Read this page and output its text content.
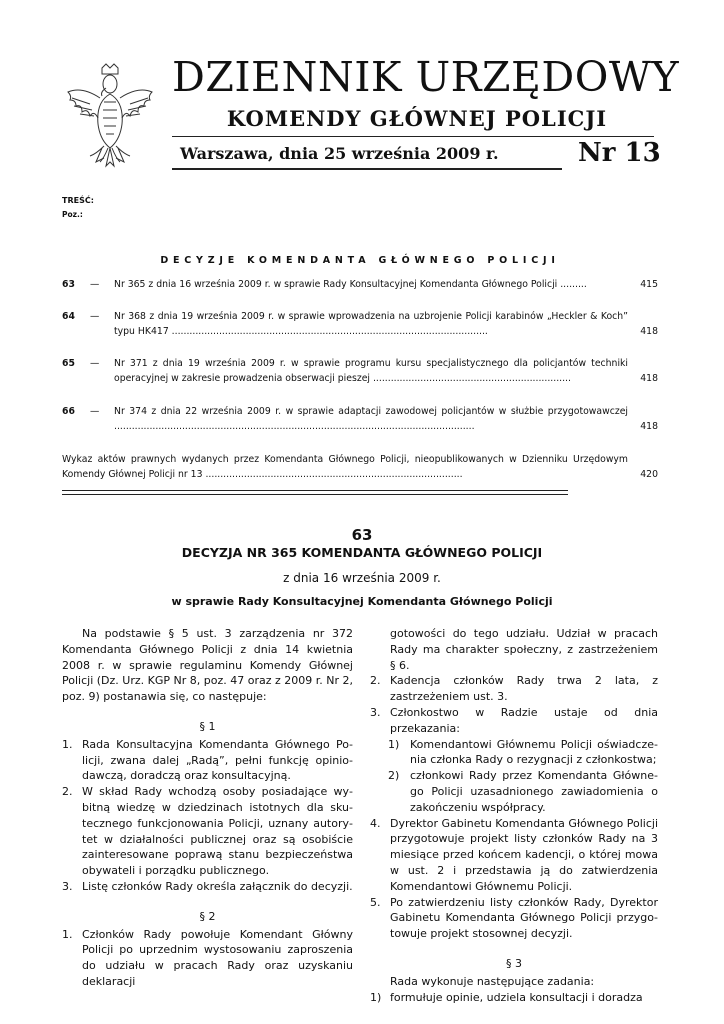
DZIENNIK URZĘDOWY
KOMENDY GŁÓWNEJ POLICJI
Warszawa, dnia 25 września 2009 r.	Nr 13
TREŚĆ:
Poz.:
DECYZJE KOMENDANTA GŁÓWNEGO POLICJI
63 — Nr 365 z dnia 16 września 2009 r. w sprawie Rady Konsultacyjnej Komendanta Głównego Policji .........	415
64 — Nr 368 z dnia 19 września 2009 r. w sprawie wprowadzenia na uzbrojenie Policji karabinów „Heckler & Koch” typu HK417 ...........................................................................................................	418
65 — Nr 371 z dnia 19 września 2009 r. w sprawie programu kursu specjalistycznego dla policjantów techniki operacyjnej w zakresie prowadzenia obserwacji pieszej ...................................................................	418
66 — Nr 374 z dnia 22 września 2009 r. w sprawie adaptacji zawodowej policjantów w służbie przygotowawczej ..........................................................................................................................	418
Wykaz aktów prawnych wydanych przez Komendanta Głównego Policji, nieopublikowanych w Dzienniku Urzędowym Komendy Głównej Policji nr 13 .......................................................................................	420
63
DECYZJA NR 365 KOMENDANTA GŁÓWNEGO POLICJI
z dnia 16 września 2009 r.
w sprawie Rady Konsultacyjnej Komendanta Głównego Policji

Na podstawie § 5 ust. 3 zarządzenia nr 372 Komendanta Głównego Policji z dnia 14 kwietnia 2008 r. w sprawie regulaminu Komendy Głównej Policji (Dz. Urz. KGP Nr 8, poz. 47 oraz z 2009 r. Nr 2, poz. 9) postanawia się, co następuje:

§ 1

1. Rada Konsultacyjna Komendanta Głównego Policji, zwana dalej „Radą”, pełni funkcję opiniodawczą, doradczą oraz konsultacyjną.

2. W skład Rady wchodzą osoby posiadające wybitną wiedzę w dziedzinach istotnych dla skutecznego funkcjonowania Policji, uznany autorytet w działalności publicznej oraz są osobiście zainteresowane poprawą stanu bezpieczeństwa obywateli i porządku publicznego.

3. Listę członków Rady określa załącznik do decyzji.

§ 2

1. Członków Rady powołuje Komendant Główny Policji po uprzednim wystosowaniu zaproszenia do udziału w pracach Rady oraz uzyskaniu deklaracji

gotowości do tego udziału. Udział w pracach Rady ma charakter społeczny, z zastrzeżeniem § 6.

2. Kadencja członków Rady trwa 2 lata, z zastrzeżeniem ust. 3.

3. Członkostwo w Radzie ustaje od dnia przekazania:

1) Komendantowi Głównemu Policji oświadczenia członka Rady o rezygnacji z członkostwa;

2) członkowi Rady przez Komendanta Głównego Policji uzasadnionego zawiadomienia o zakończeniu współpracy.

4. Dyrektor Gabinetu Komendanta Głównego Policji przygotowuje projekt listy członków Rady na 3 miesiące przed końcem kadencji, o której mowa w ust. 2 i przedstawia ją do zatwierdzenia Komendantowi Głównemu Policji.

5. Po zatwierdzeniu listy członków Rady, Dyrektor Gabinetu Komendanta Głównego Policji przygotowuje projekt stosownej decyzji.

§ 3

Rada wykonuje następujące zadania:

1) formułuje opinie, udziela konsultacji i doradza
